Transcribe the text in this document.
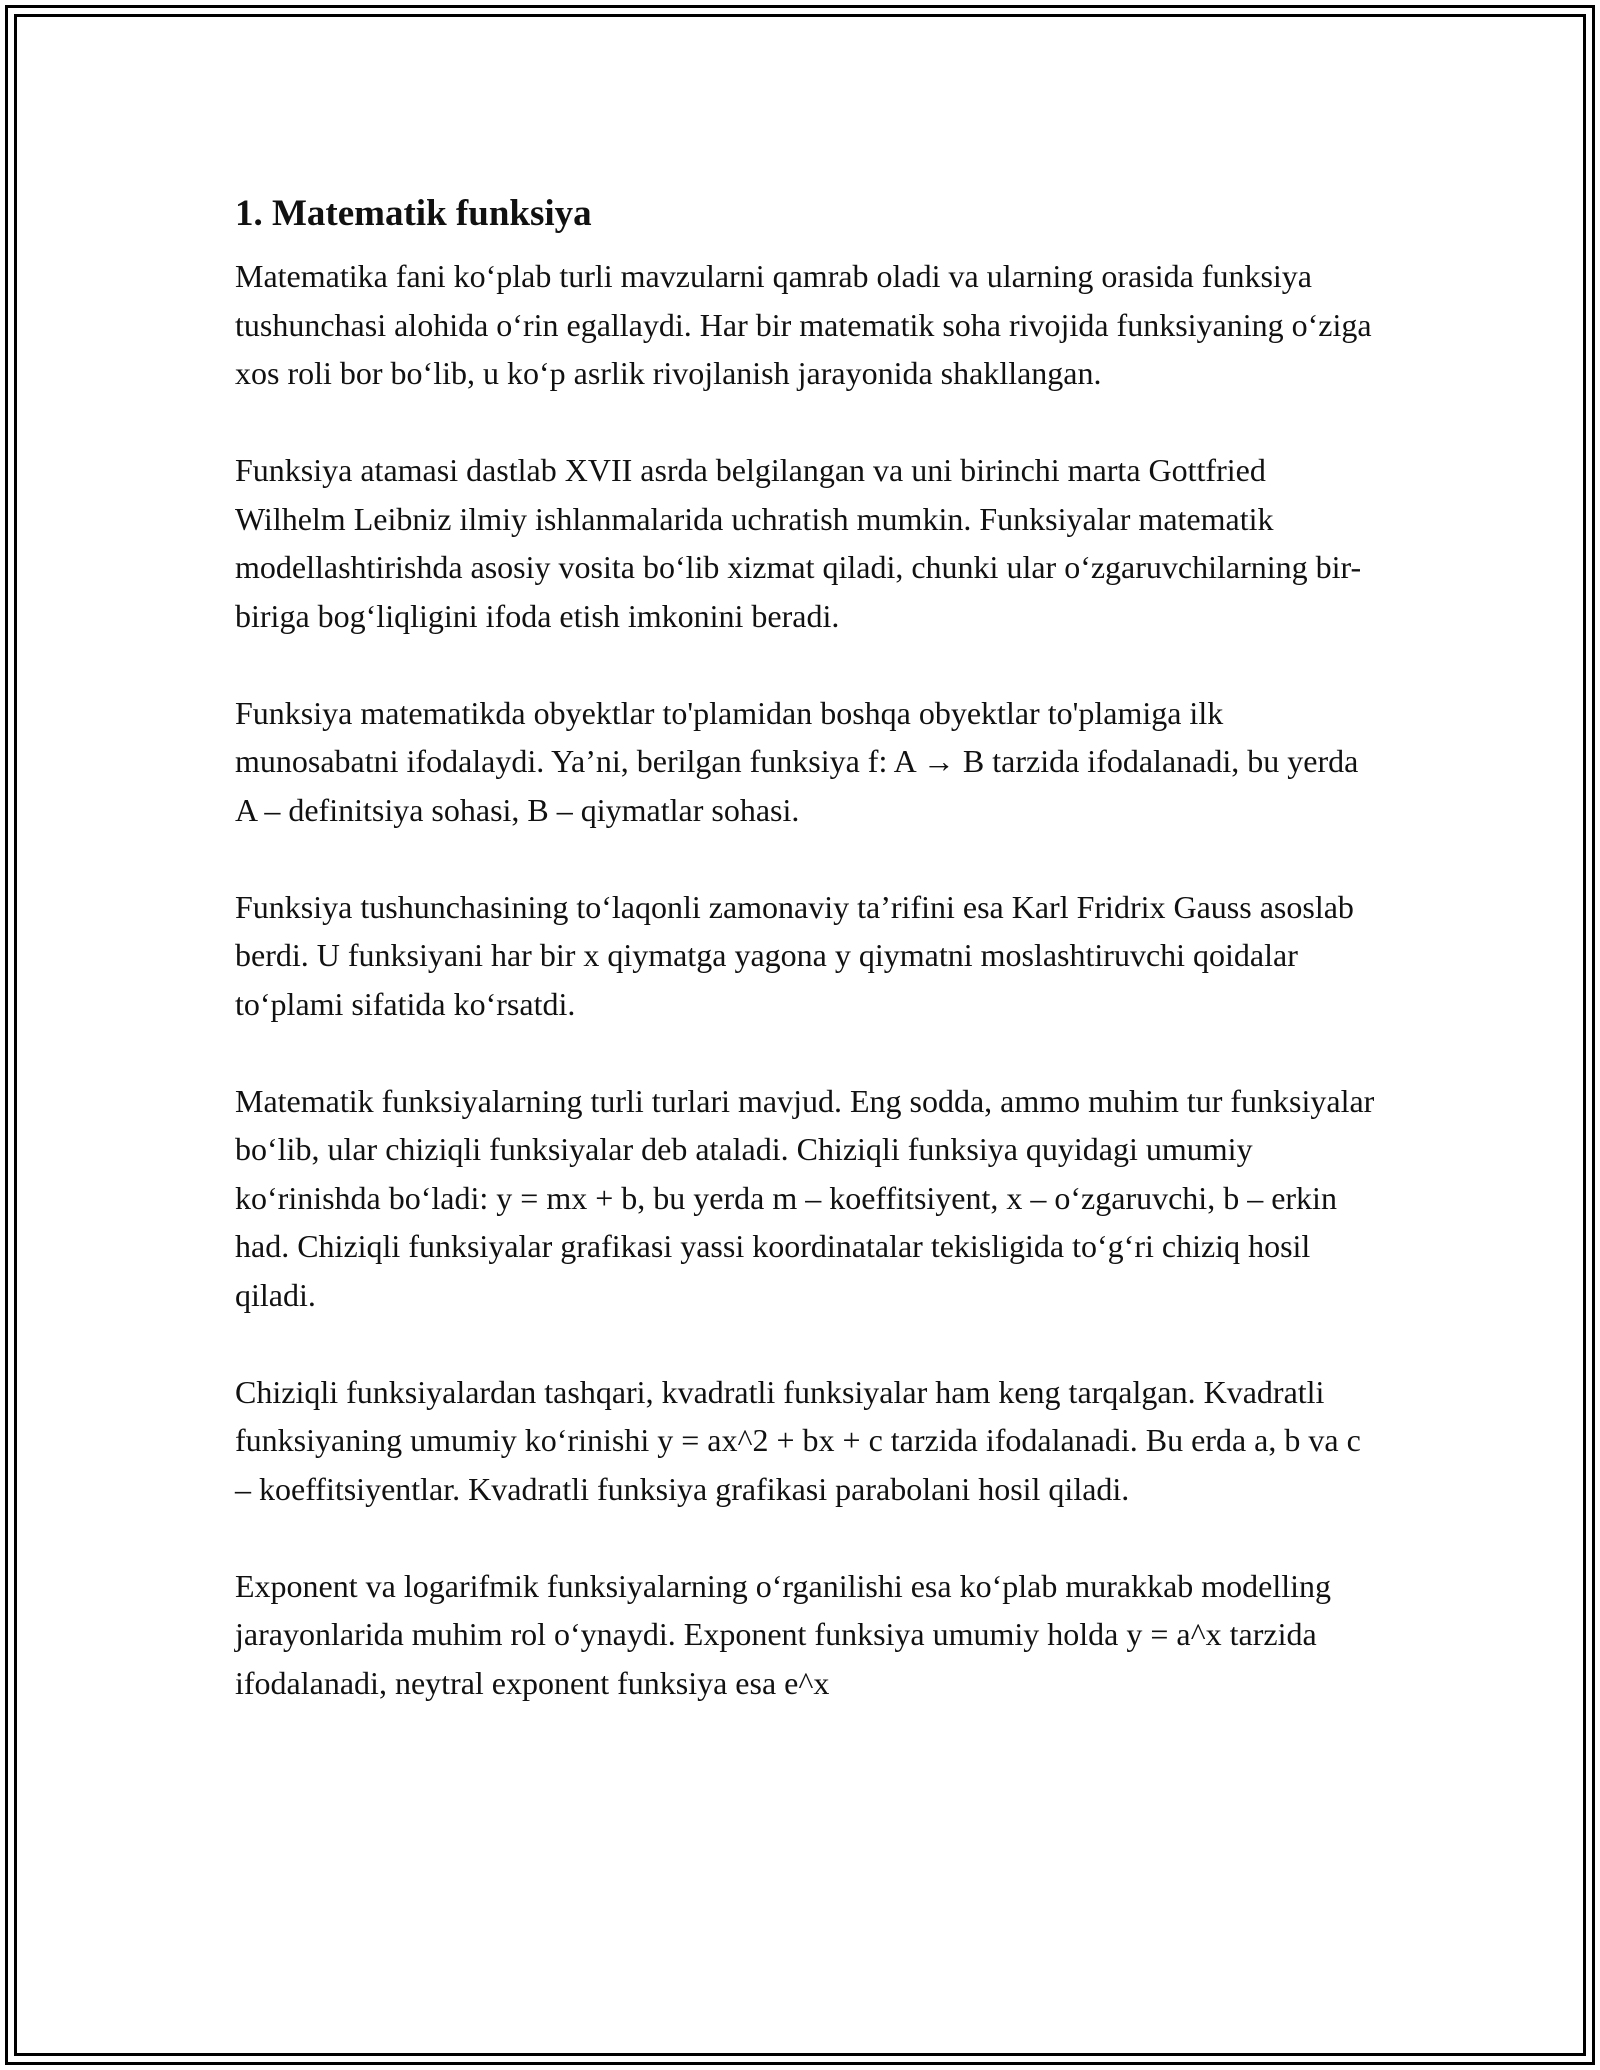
1. Matematik funksiya

Matematika fani ko‘plab turli mavzularni qamrab oladi va ularning orasida funksiya tushunchasi alohida o‘rin egallaydi. Har bir matematik soha rivojida funksiyaning o‘ziga xos roli bor bo‘lib, u ko‘p asrlik rivojlanish jarayonida shakllangan.

Funksiya atamasi dastlab XVII asrda belgilangan va uni birinchi marta Gottfried Wilhelm Leibniz ilmiy ishlanmalarida uchratish mumkin. Funksiyalar matematik modellashtirishda asosiy vosita bo‘lib xizmat qiladi, chunki ular o‘zgaruvchilarning bir-biriga bog‘liqligini ifoda etish imkonini beradi.

Funksiya matematikda obyektlar to'plamidan boshqa obyektlar to'plamiga ilk munosabatni ifodalaydi. Ya’ni, berilgan funksiya f: A → B tarzida ifodalanadi, bu yerda A – definitsiya sohasi, B – qiymatlar sohasi.

Funksiya tushunchasining to‘laqonli zamonaviy ta’rifini esa Karl Fridrix Gauss asoslab berdi. U funksiyani har bir x qiymatga yagona y qiymatni moslashtiruvchi qoidalar to‘plami sifatida ko‘rsatdi.

Matematik funksiyalarning turli turlari mavjud. Eng sodda, ammo muhim tur funksiyalar bo‘lib, ular chiziqli funksiyalar deb ataladi. Chiziqli funksiya quyidagi umumiy ko‘rinishda bo‘ladi: y = mx + b, bu yerda m – koeffitsiyent, x – o‘zgaruvchi, b – erkin had. Chiziqli funksiyalar grafikasi yassi koordinatalar tekisligida to‘g‘ri chiziq hosil qiladi.

Chiziqli funksiyalardan tashqari, kvadratli funksiyalar ham keng tarqalgan. Kvadratli funksiyaning umumiy ko‘rinishi y = ax^2 + bx + c tarzida ifodalanadi. Bu erda a, b va c – koeffitsiyentlar. Kvadratli funksiya grafikasi parabolani hosil qiladi.

Exponent va logarifmik funksiyalarning o‘rganilishi esa ko‘plab murakkab modelling jarayonlarida muhim rol o‘ynaydi. Exponent funksiya umumiy holda y = a^x tarzida ifodalanadi, neytral exponent funksiya esa e^x
